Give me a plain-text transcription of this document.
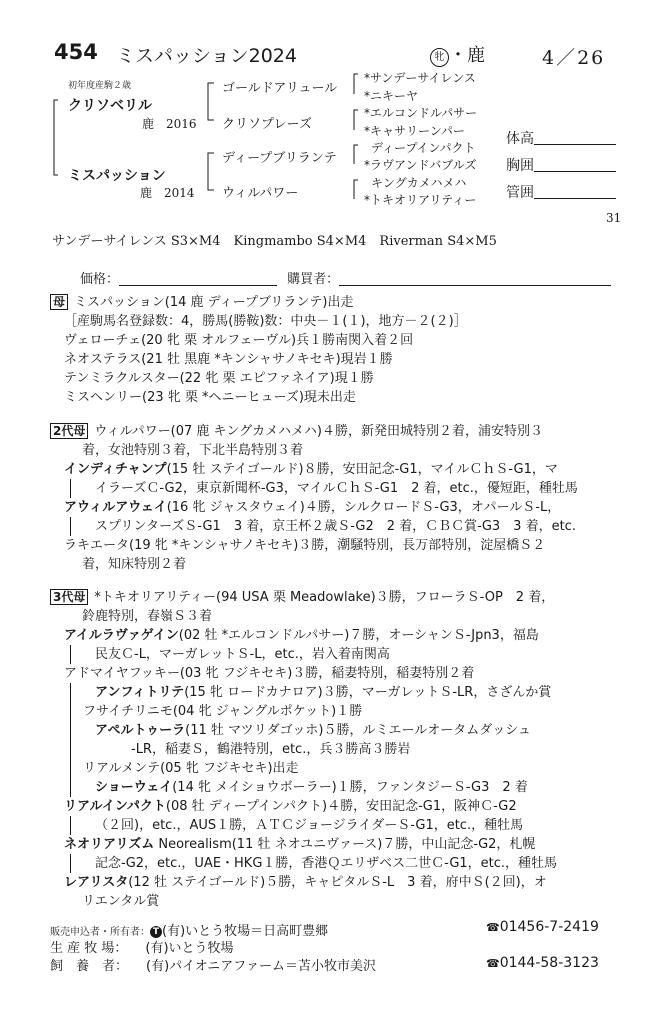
454 ミスパッション2024	牝 ・鹿	4／26
初年度産駒２歳
クリソベリル
鹿　2016
ミスパッション
鹿　2014
ゴールドアリュール
クリソプレーズ
ディープブリランテ
ウィルパワー
*サンデーサイレンス
*ニキーヤ
*エルコンドルパサー
*キャサリーンパー
ディープインパクト
*ラヴアンドバブルズ
キングカメハメハ
*トキオリアリティー
体高
胸囲
管囲
31
サンデーサイレンス S3×M4　Kingmambo S4×M4　Riverman S4×M5
価格：	購買者：
母 ミスパッション(14 鹿 ディープブリランテ)出走
［産駒馬名登録数：4，勝馬(勝鞍)数：中央－１(１)，地方－２(２)］
ヴェローチェ(20 牝 栗 オルフェーヴル)兵１勝南関入着２回
ネオステラス(21 牡 黒鹿 *キンシャサノキセキ)現岩１勝
テンミラクルスター(22 牝 栗 エピファネイア)現１勝
ミスヘンリー(23 牝 栗 *ヘニーヒューズ)現未出走
2代母 ウィルパワー(07 鹿 キングカメハメハ)４勝，新発田城特別２着，浦安特別３
着，女池特別３着，下北半島特別３着
インディチャンプ(15 牡 ステイゴールド)８勝，安田記念-G1，マイルＣｈＳ-G1，マ
イラーズＣ-G2，東京新聞杯-G3，マイルＣｈＳ-G1　2 着，etc.，優短距，種牡馬
アウィルアウェイ(16 牝 ジャスタウェイ)４勝，シルクロードＳ-G3，オパールＳ-L，
スプリンターズＳ-G1　3 着，京王杯２歳Ｓ-G2　2 着，ＣＢＣ賞-G3　3 着，etc.
ラキエータ(19 牝 *キンシャサノキセキ)３勝，潮騒特別，長万部特別，淀屋橋Ｓ２
着，知床特別２着
3代母 *トキオリアリティー(94 USA 栗 Meadowlake)３勝，フローラＳ-OP　2 着，
鈴鹿特別，春嶺Ｓ３着
アイルラヴァゲイン(02 牡 *エルコンドルパサー)７勝，オーシャンＳ-Jpn3，福島
民友Ｃ-L，マーガレットＳ-L，etc.，岩入着南関高
アドマイヤフッキー(03 牝 フジキセキ)３勝，稲妻特別，稲妻特別２着
アンフィトリテ(15 牝 ロードカナロア)３勝，マーガレットＳ-LR，さざんか賞
フサイチリニモ(04 牝 ジャングルポケット)１勝
アペルトゥーラ(11 牡 マツリダゴッホ)５勝，ルミエールオータムダッシュ
-LR，稲妻Ｓ，鶴港特別，etc.，兵３勝高３勝岩
リアルメンテ(05 牝 フジキセキ)出走
ショーウェイ(14 牝 メイショウボーラー)１勝，ファンタジーＳ-G3　2 着
リアルインパクト(08 牡 ディープインパクト)４勝，安田記念-G1，阪神Ｃ-G2
（２回)，etc.，AUS１勝，ＡＴＣジョージライダーＳ-G1，etc.，種牡馬
ネオリアリズム Neorealism(11 牡 ネオユニヴァース)７勝，中山記念-G2，札幌
記念-G2，etc.，UAE・HKG１勝，香港Ｑエリザベス二世Ｃ-G1，etc.，種牡馬
レアリスタ(12 牡 ステイゴールド)５勝，キャピタルＳ-L　3 着，府中Ｓ(２回)，オ
リエンタル賞
販売申込者・所有者： T (有)いとう牧場＝日高町豊郷	☎01456-7-2419
生 産 牧 場： (有)いとう牧場
飼　養　者： (有)パイオニアファーム＝苫小牧市美沢	☎0144-58-3123
